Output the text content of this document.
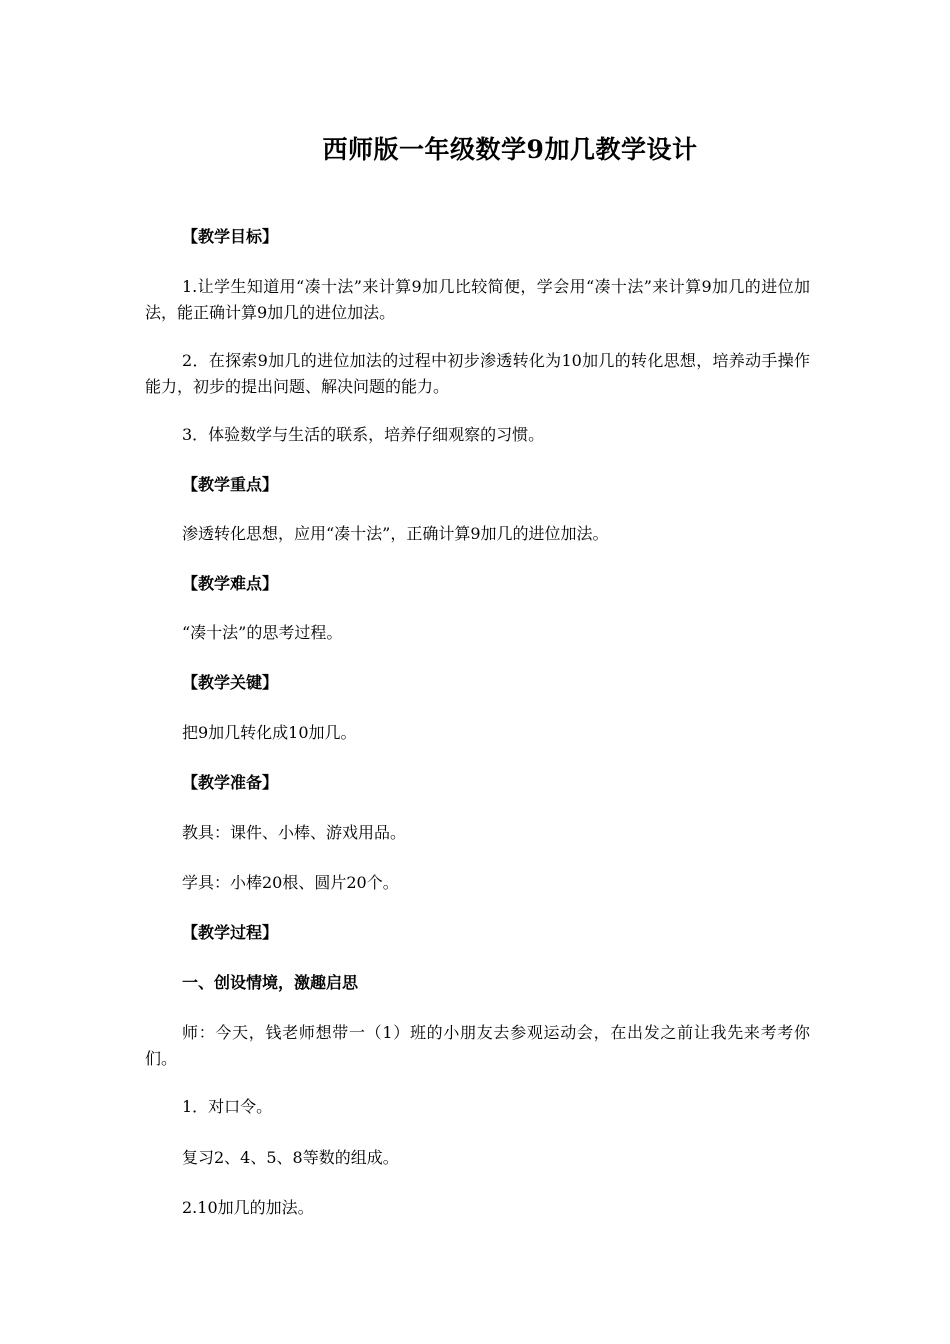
西师版一年级数学9加几教学设计
【教学目标】
1.让学生知道用“凑十法”来计算9加几比较简便，学会用“凑十法”来计算9加几的进位加法，能正确计算9加几的进位加法。
2．在探索9加几的进位加法的过程中初步渗透转化为10加几的转化思想，培养动手操作能力，初步的提出问题、解决问题的能力。
3．体验数学与生活的联系，培养仔细观察的习惯。
【教学重点】
渗透转化思想，应用“凑十法”，正确计算9加几的进位加法。
【教学难点】
“凑十法”的思考过程。
【教学关键】
把9加几转化成10加几。
【教学准备】
教具：课件、小棒、游戏用品。
学具：小棒20根、圆片20个。
【教学过程】
一、创设情境，激趣启思
师：今天，钱老师想带一（1）班的小朋友去参观运动会，在出发之前让我先来考考你们。
1．对口令。
复习2、4、5、8等数的组成。
2.10加几的加法。
